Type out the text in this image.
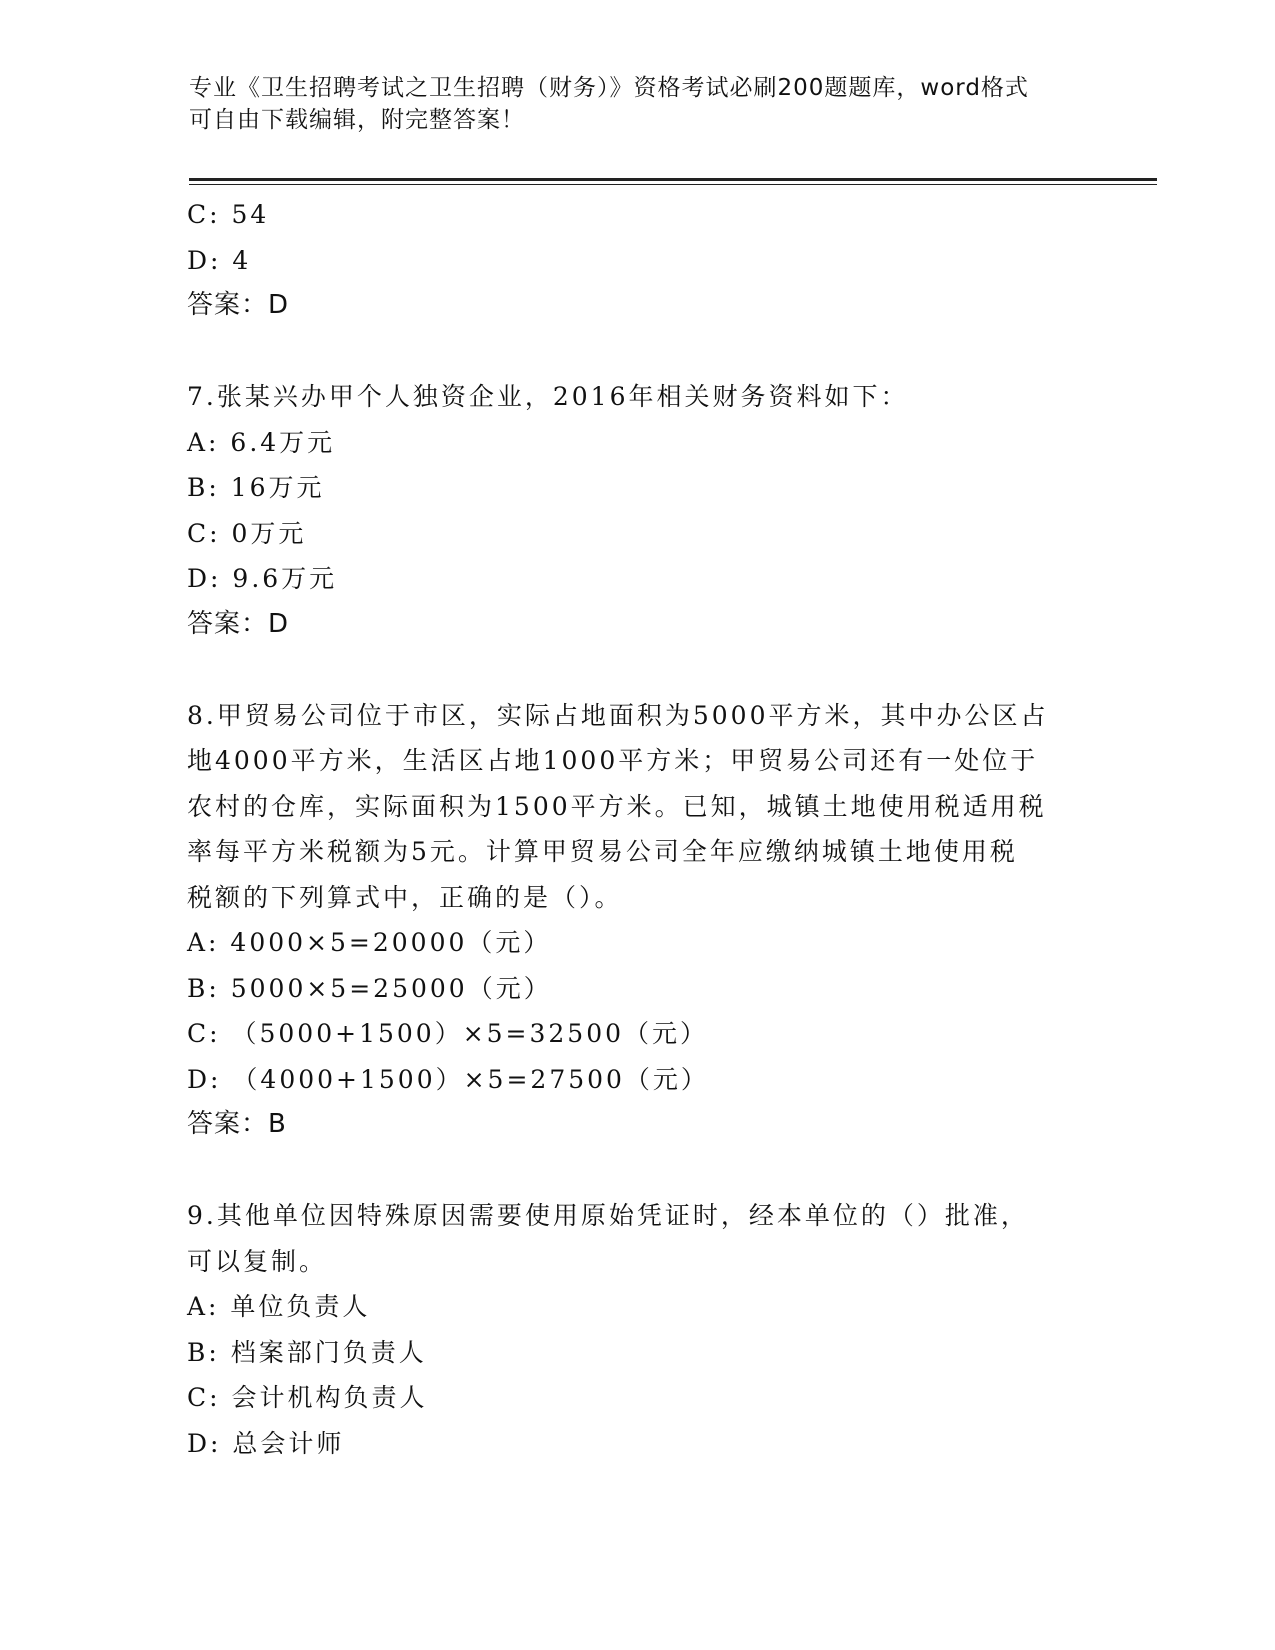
专业《卫生招聘考试之卫生招聘（财务）》资格考试必刷200题题库，word格式
可自由下载编辑，附完整答案！
C: 54
D: 4
答案：D
7.张某兴办甲个人独资企业，2016年相关财务资料如下：
A: 6.4万元
B: 16万元
C: 0万元
D: 9.6万元
答案：D
8.甲贸易公司位于市区，实际占地面积为5000平方米，其中办公区占
地4000平方米，生活区占地1000平方米；甲贸易公司还有一处位于
农村的仓库，实际面积为1500平方米。已知，城镇土地使用税适用税
率每平方米税额为5元。计算甲贸易公司全年应缴纳城镇土地使用税
税额的下列算式中，正确的是（）。
A: 4000×5=20000（元）
B: 5000×5=25000（元）
C: （5000+1500）×5=32500（元）
D: （4000+1500）×5=27500（元）
答案：B
9.其他单位因特殊原因需要使用原始凭证时，经本单位的（）批准，
可以复制。
A: 单位负责人
B: 档案部门负责人
C: 会计机构负责人
D: 总会计师
